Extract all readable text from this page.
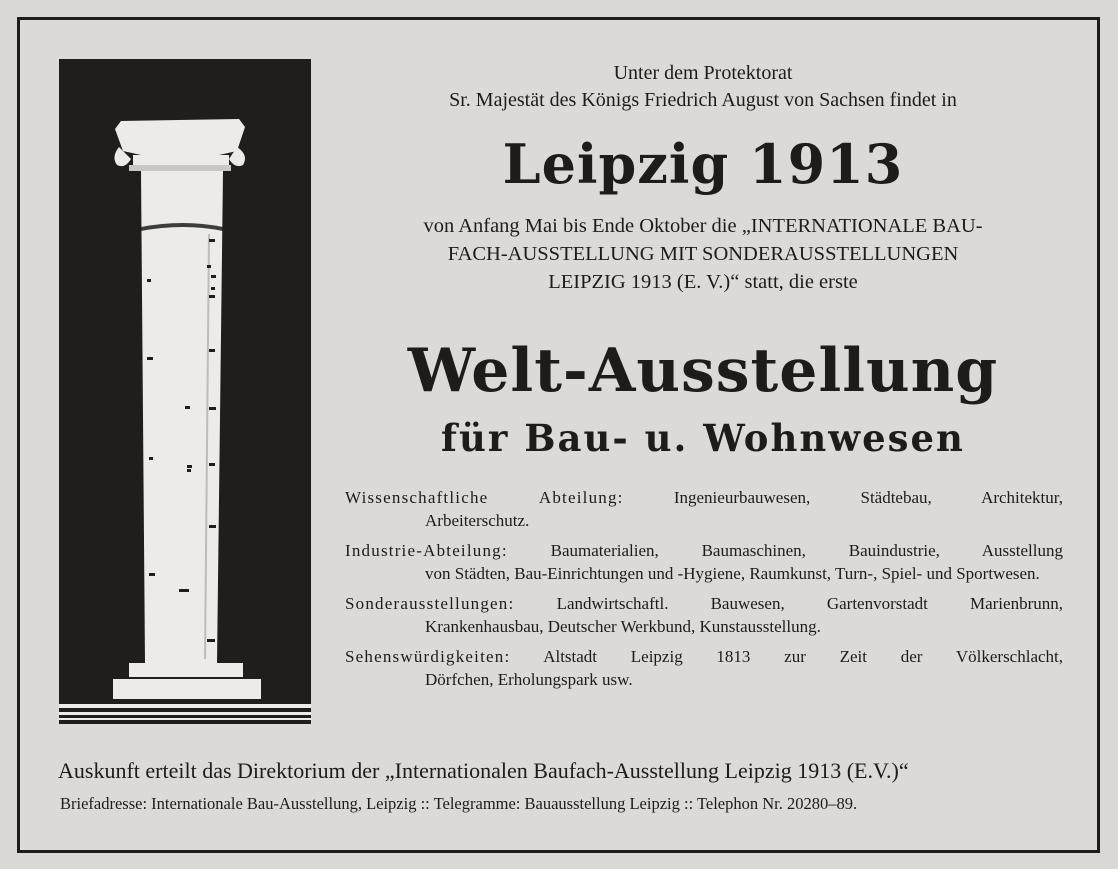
Unter dem Protektorat
Sr. Majestät des Königs Friedrich August von Sachsen findet in
Leipzig 1913
von Anfang Mai bis Ende Oktober die „INTERNATIONALE BAU-
FACH-AUSSTELLUNG MIT SONDERAUSSTELLUNGEN
LEIPZIG 1913 (E. V.)“ statt, die erste
Welt-Ausstellung
für Bau- u. Wohnwesen
Wissenschaftliche Abteilung:	Ingenieurbauwesen, Städtebau, Architektur,
Arbeiterschutz.
Industrie-Abteilung:	Baumaterialien, Baumaschinen, Bauindustrie, Ausstellung
von Städten, Bau-Einrichtungen und -Hygiene, Raumkunst, Turn-, Spiel- und Sportwesen.
Sonderausstellungen: Landwirtschaftl. Bauwesen, Gartenvorstadt Marienbrunn,
Krankenhausbau, Deutscher Werkbund, Kunstausstellung.
Sehenswürdigkeiten: Altstadt Leipzig 1813 zur Zeit der Völkerschlacht,
Dörfchen, Erholungspark usw.
Auskunft erteilt das Direktorium der „Internationalen Baufach-Ausstellung Leipzig 1913 (E.V.)“
Briefadresse: Internationale Bau-Ausstellung, Leipzig :: Telegramme: Bauausstellung Leipzig :: Telephon Nr. 20280–89.
